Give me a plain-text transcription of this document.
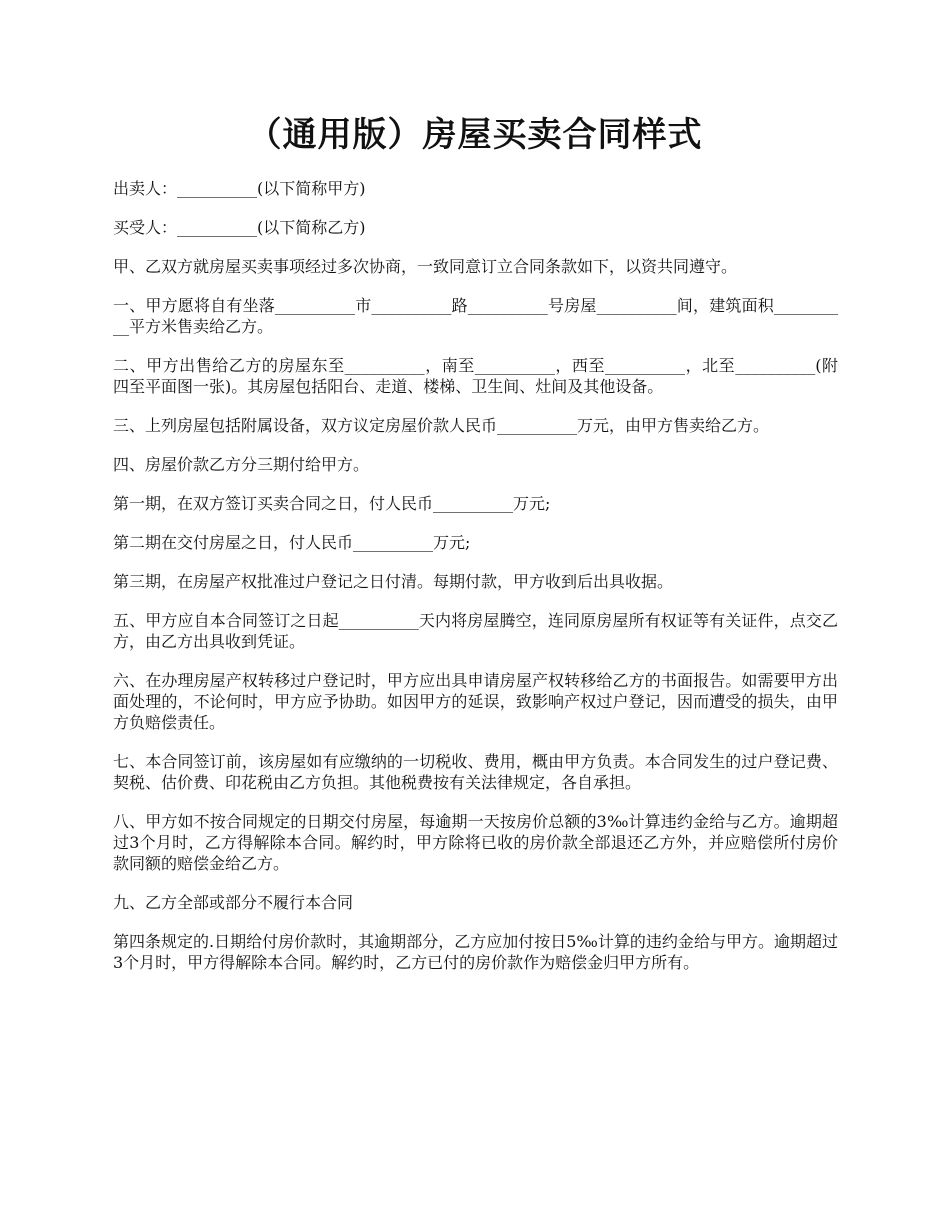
（通用版）房屋买卖合同样式

出卖人：__________(以下简称甲方)

买受人：__________(以下简称乙方)

甲、乙双方就房屋买卖事项经过多次协商，一致同意订立合同条款如下，以资共同遵守。

一、甲方愿将自有坐落__________市__________路__________号房屋__________间，建筑面积__________平方米售卖给乙方。

二、甲方出售给乙方的房屋东至__________，南至__________，西至__________，北至__________(附四至平面图一张)。其房屋包括阳台、走道、楼梯、卫生间、灶间及其他设备。

三、上列房屋包括附属设备，双方议定房屋价款人民币__________万元，由甲方售卖给乙方。

四、房屋价款乙方分三期付给甲方。

第一期，在双方签订买卖合同之日，付人民币__________万元;

第二期在交付房屋之日，付人民币__________万元;

第三期，在房屋产权批准过户登记之日付清。每期付款，甲方收到后出具收据。

五、甲方应自本合同签订之日起__________天内将房屋腾空，连同原房屋所有权证等有关证件，点交乙方，由乙方出具收到凭证。

六、在办理房屋产权转移过户登记时，甲方应出具申请房屋产权转移给乙方的书面报告。如需要甲方出面处理的，不论何时，甲方应予协助。如因甲方的延误，致影响产权过户登记，因而遭受的损失，由甲方负赔偿责任。

七、本合同签订前，该房屋如有应缴纳的一切税收、费用，概由甲方负责。本合同发生的过户登记费、契税、估价费、印花税由乙方负担。其他税费按有关法律规定，各自承担。

八、甲方如不按合同规定的日期交付房屋，每逾期一天按房价总额的3‰计算违约金给与乙方。逾期超过3个月时，乙方得解除本合同。解约时，甲方除将已收的房价款全部退还乙方外，并应赔偿所付房价款同额的赔偿金给乙方。

九、乙方全部或部分不履行本合同

第四条规定的.日期给付房价款时，其逾期部分，乙方应加付按日5‰计算的违约金给与甲方。逾期超过3个月时，甲方得解除本合同。解约时，乙方已付的房价款作为赔偿金归甲方所有。
